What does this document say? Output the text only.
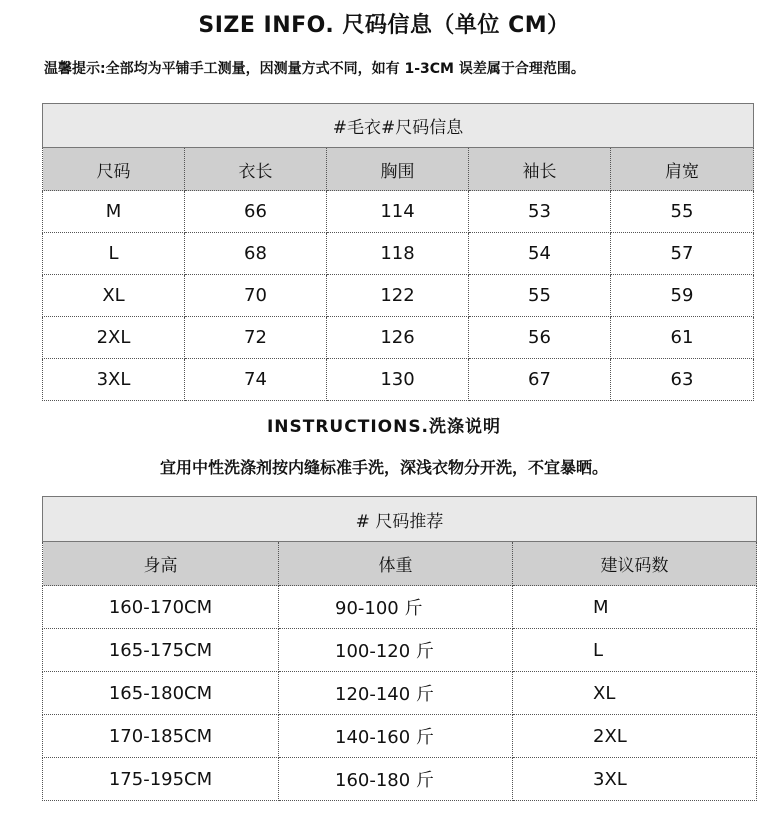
SIZE INFO. 尺码信息（单位 CM）
温馨提示:全部均为平铺手工测量，因测量方式不同，如有 1-3CM 误差属于合理范围。
#毛衣#尺码信息				
尺码	衣长	胸围	袖长	肩宽
M	66	114	53	55
L	68	118	54	57
XL	70	122	55	59
2XL	72	126	56	61
3XL	74	130	67	63
INSTRUCTIONS.洗涤说明
宜用中性洗涤剂按内缝标准手洗，深浅衣物分开洗，不宜暴晒。
# 尺码推荐		
身高	体重	建议码数
160-170CM	90-100 斤	M
165-175CM	100-120 斤	L
165-180CM	120-140 斤	XL
170-185CM	140-160 斤	2XL
175-195CM	160-180 斤	3XL
